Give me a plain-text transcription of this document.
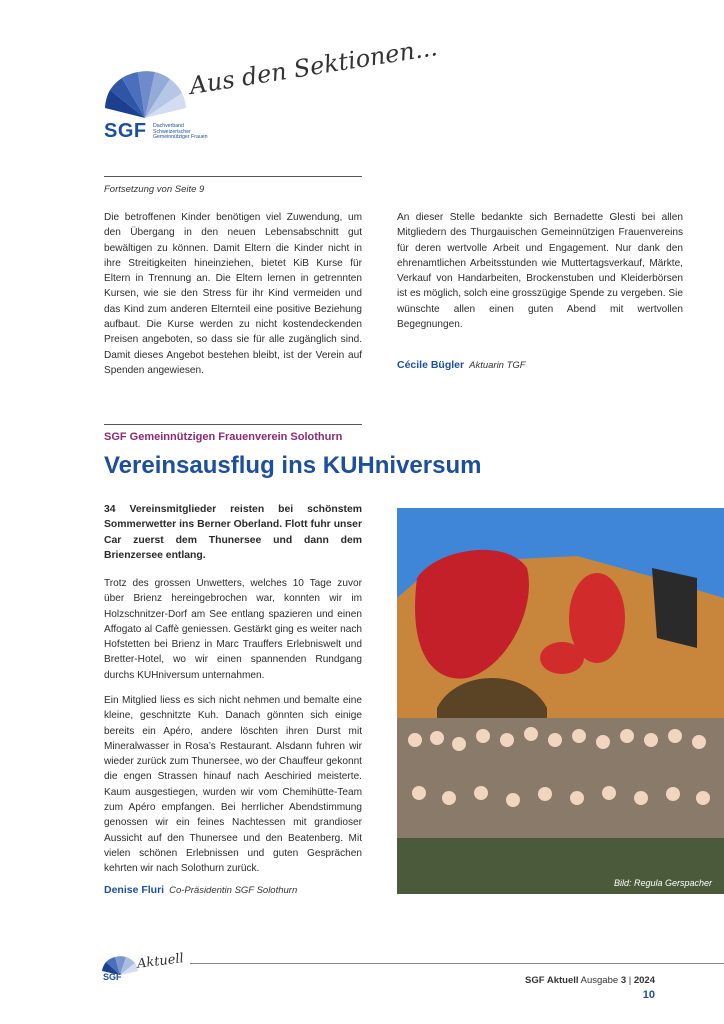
SGF Dachverband Schweizerischer Gemeinnütziger Frauen
Aus den Sektionen...
Fortsetzung von Seite 9
Die betroffenen Kinder benötigen viel Zuwendung, um den Übergang in den neuen Lebensabschnitt gut bewältigen zu können. Damit Eltern die Kinder nicht in ihre Streitigkeiten hineinziehen, bietet KiB Kurse für Eltern in Trennung an. Die Eltern lernen in getrennten Kursen, wie sie den Stress für ihr Kind vermeiden und das Kind zum anderen Elternteil eine positive Beziehung aufbaut. Die Kurse werden zu nicht kostendeckenden Preisen angeboten, so dass sie für alle zugänglich sind. Damit dieses Angebot bestehen bleibt, ist der Verein auf Spenden angewiesen.
An dieser Stelle bedankte sich Bernadette Glesti bei allen Mitgliedern des Thurgauischen Gemeinnützigen Frauenvereins für deren wertvolle Arbeit und Engagement. Nur dank den ehrenamtlichen Arbeitsstunden wie Muttertagsverkauf, Märkte, Verkauf von Handarbeiten, Brockenstuben und Kleiderbörsen ist es möglich, solch eine grosszügige Spende zu vergeben. Sie wünschte allen einen guten Abend mit wertvollen Begegnungen.
Cécile Bügler Aktuarin TGF
SGF Gemeinnützigen Frauenverein Solothurn
Vereinsausflug ins KUHniversum
34 Vereinsmitglieder reisten bei schönstem Sommerwetter ins Berner Oberland. Flott fuhr unser Car zuerst dem Thunersee und dann dem Brienzersee entlang.
Trotz des grossen Unwetters, welches 10 Tage zuvor über Brienz hereingebrochen war, konnten wir im Holzschnitzer-Dorf am See entlang spazieren und einen Affogato al Caffè geniessen. Gestärkt ging es weiter nach Hofstetten bei Brienz in Marc Trauffers Erlebniswelt und Bretter-Hotel, wo wir einen spannenden Rundgang durchs KUHniversum unternahmen.
Ein Mitglied liess es sich nicht nehmen und bemalte eine kleine, geschnitzte Kuh. Danach gönnten sich einige bereits ein Apéro, andere löschten ihren Durst mit Mineralwasser in Rosa’s Restaurant. Alsdann fuhren wir wieder zurück zum Thunersee, wo der Chauffeur gekonnt die engen Strassen hinauf nach Aeschiried meisterte. Kaum ausgestiegen, wurden wir vom Chemihütte-Team zum Apéro empfangen. Bei herrlicher Abendstimmung genossen wir ein feines Nachtessen mit grandioser Aussicht auf den Thunersee und den Beatenberg. Mit vielen schönen Erlebnissen und guten Gesprächen kehrten wir nach Solothurn zurück.
Denise Fluri Co-Präsidentin SGF Solothurn
Bild: Regula Gerspacher
SGF
Aktuell
SGF Aktuell Ausgabe 3 | 2024
10
